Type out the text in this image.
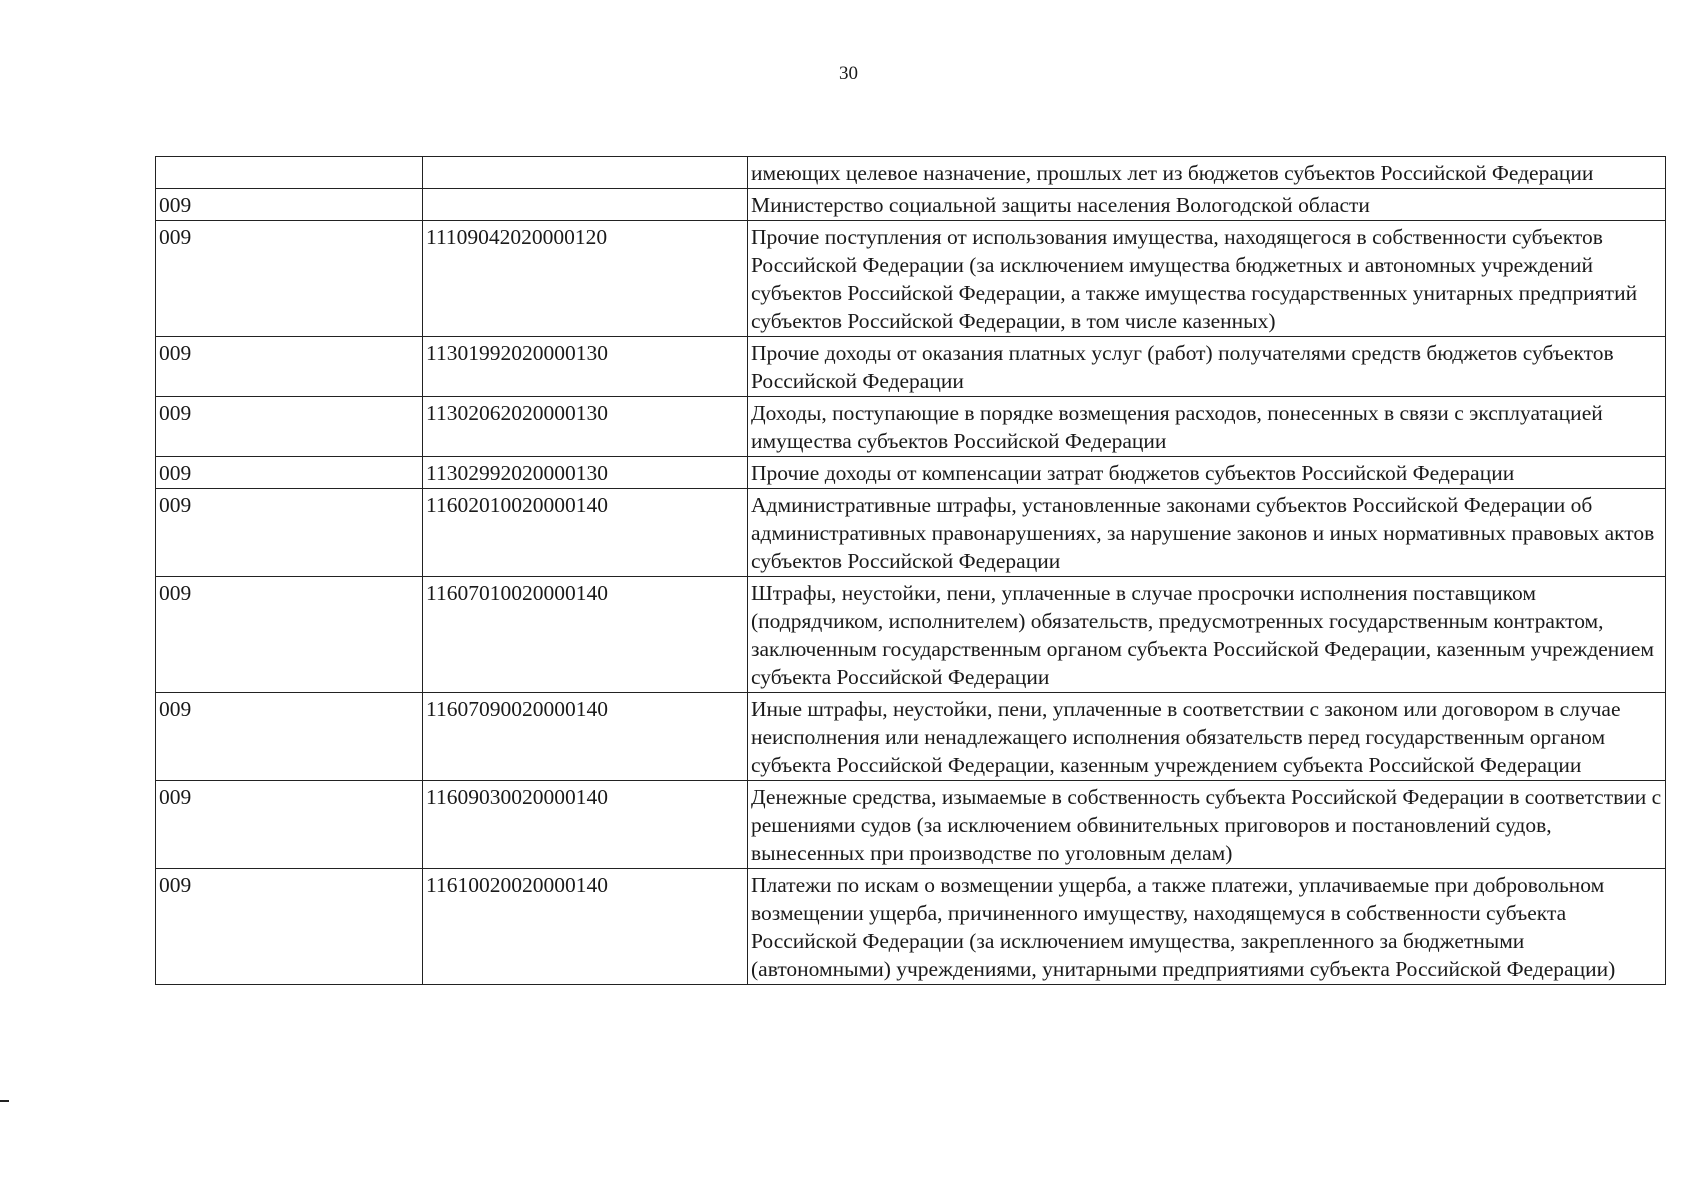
30
		имеющих целевое назначение, прошлых лет из бюджетов субъектов Российской Федерации
009		Министерство социальной защиты населения Вологодской области
009	11109042020000120	Прочие поступления от использования имущества, находящегося в собственности субъектов Российской Федерации (за исключением имущества бюджетных и автономных учреждений субъектов Российской Федерации, а также имущества государственных унитарных предприятий субъектов Российской Федерации, в том числе казенных)
009	11301992020000130	Прочие доходы от оказания платных услуг (работ) получателями средств бюджетов субъектов Российской Федерации
009	11302062020000130	Доходы, поступающие в порядке возмещения расходов, понесенных в связи с эксплуатацией имущества субъектов Российской Федерации
009	11302992020000130	Прочие доходы от компенсации затрат бюджетов субъектов Российской Федерации
009	11602010020000140	Административные штрафы, установленные законами субъектов Российской Федерации об административных правонарушениях, за нарушение законов и иных нормативных правовых актов субъектов Российской Федерации
009	11607010020000140	Штрафы, неустойки, пени, уплаченные в случае просрочки исполнения поставщиком (подрядчиком, исполнителем) обязательств, предусмотренных государственным контрактом, заключенным государственным органом субъекта Российской Федерации, казенным учреждением субъекта Российской Федерации
009	11607090020000140	Иные штрафы, неустойки, пени, уплаченные в соответствии с законом или договором в случае неисполнения или ненадлежащего исполнения обязательств перед государственным органом субъекта Российской Федерации, казенным учреждением субъекта Российской Федерации
009	11609030020000140	Денежные средства, изымаемые в собственность субъекта Российской Федерации в соответствии с решениями судов (за исключением обвинительных приговоров и постановлений судов, вынесенных при производстве по уголовным делам)
009	11610020020000140	Платежи по искам о возмещении ущерба, а также платежи, уплачиваемые при добровольном возмещении ущерба, причиненного имуществу, находящемуся в собственности субъекта Российской Федерации (за исключением имущества, закрепленного за бюджетными (автономными) учреждениями, унитарными предприятиями субъекта Российской Федерации)
